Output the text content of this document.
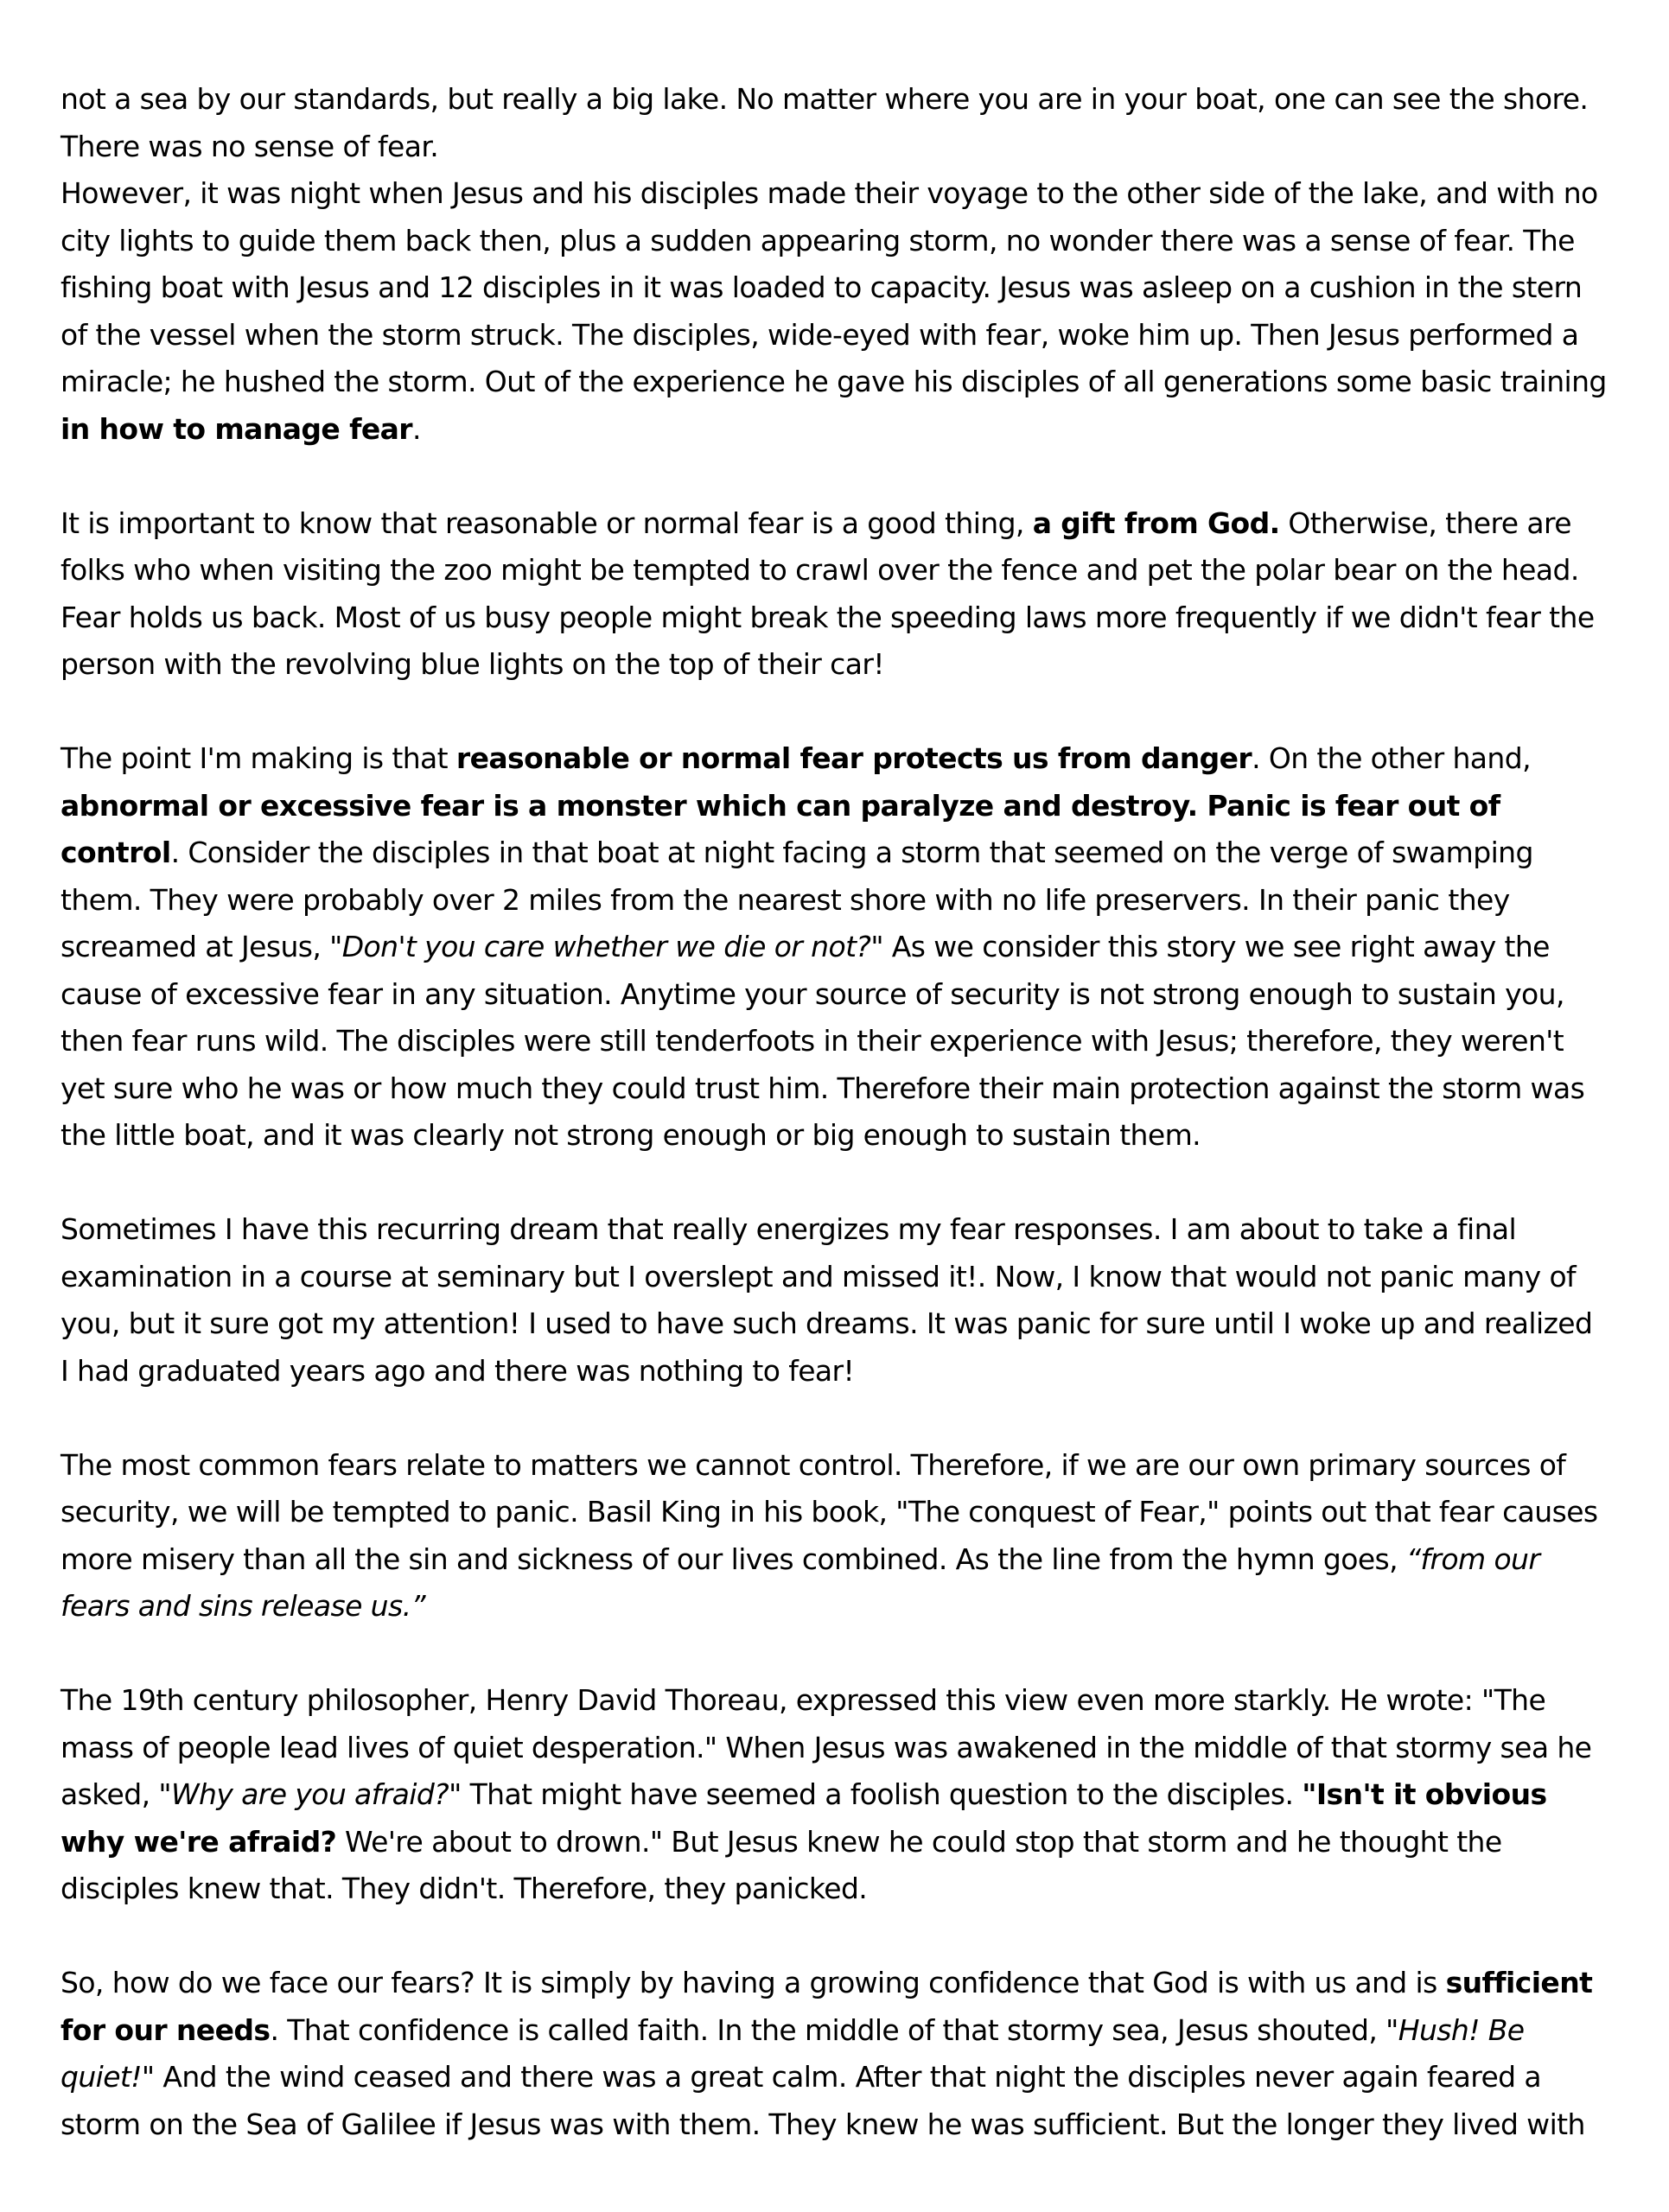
not a sea by our standards, but really a big lake. No matter where you are in your boat, one can see the shore. There was no sense of fear.

However, it was night when Jesus and his disciples made their voyage to the other side of the lake, and with no city lights to guide them back then, plus a sudden appearing storm, no wonder there was a sense of fear. The fishing boat with Jesus and 12 disciples in it was loaded to capacity. Jesus was asleep on a cushion in the stern of the vessel when the storm struck. The disciples, wide-eyed with fear, woke him up. Then Jesus performed a miracle; he hushed the storm. Out of the experience he gave his disciples of all generations some basic training in how to manage fear.

It is important to know that reasonable or normal fear is a good thing, a gift from God. Otherwise, there are folks who when visiting the zoo might be tempted to crawl over the fence and pet the polar bear on the head. Fear holds us back. Most of us busy people might break the speeding laws more frequently if we didn't fear the person with the revolving blue lights on the top of their car!

The point I'm making is that reasonable or normal fear protects us from danger. On the other hand, abnormal or excessive fear is a monster which can paralyze and destroy. Panic is fear out of control. Consider the disciples in that boat at night facing a storm that seemed on the verge of swamping them. They were probably over 2 miles from the nearest shore with no life preservers. In their panic they screamed at Jesus, "Don't you care whether we die or not?" As we consider this story we see right away the cause of excessive fear in any situation. Anytime your source of security is not strong enough to sustain you, then fear runs wild. The disciples were still tenderfoots in their experience with Jesus; therefore, they weren't yet sure who he was or how much they could trust him. Therefore their main protection against the storm was the little boat, and it was clearly not strong enough or big enough to sustain them.

Sometimes I have this recurring dream that really energizes my fear responses. I am about to take a final examination in a course at seminary but I overslept and missed it!. Now, I know that would not panic many of you, but it sure got my attention! I used to have such dreams. It was panic for sure until I woke up and realized I had graduated years ago and there was nothing to fear!

The most common fears relate to matters we cannot control. Therefore, if we are our own primary sources of security, we will be tempted to panic. Basil King in his book, "The conquest of Fear," points out that fear causes more misery than all the sin and sickness of our lives combined. As the line from the hymn goes, “from our fears and sins release us.”

The 19th century philosopher, Henry David Thoreau, expressed this view even more starkly. He wrote: "The mass of people lead lives of quiet desperation." When Jesus was awakened in the middle of that stormy sea he asked, "Why are you afraid?" That might have seemed a foolish question to the disciples. "Isn't it obvious why we're afraid? We're about to drown." But Jesus knew he could stop that storm and he thought the disciples knew that. They didn't. Therefore, they panicked.

So, how do we face our fears? It is simply by having a growing confidence that God is with us and is sufficient for our needs. That confidence is called faith. In the middle of that stormy sea, Jesus shouted, "Hush! Be quiet!" And the wind ceased and there was a great calm. After that night the disciples never again feared a storm on the Sea of Galilee if Jesus was with them. They knew he was sufficient. But the longer they lived with
